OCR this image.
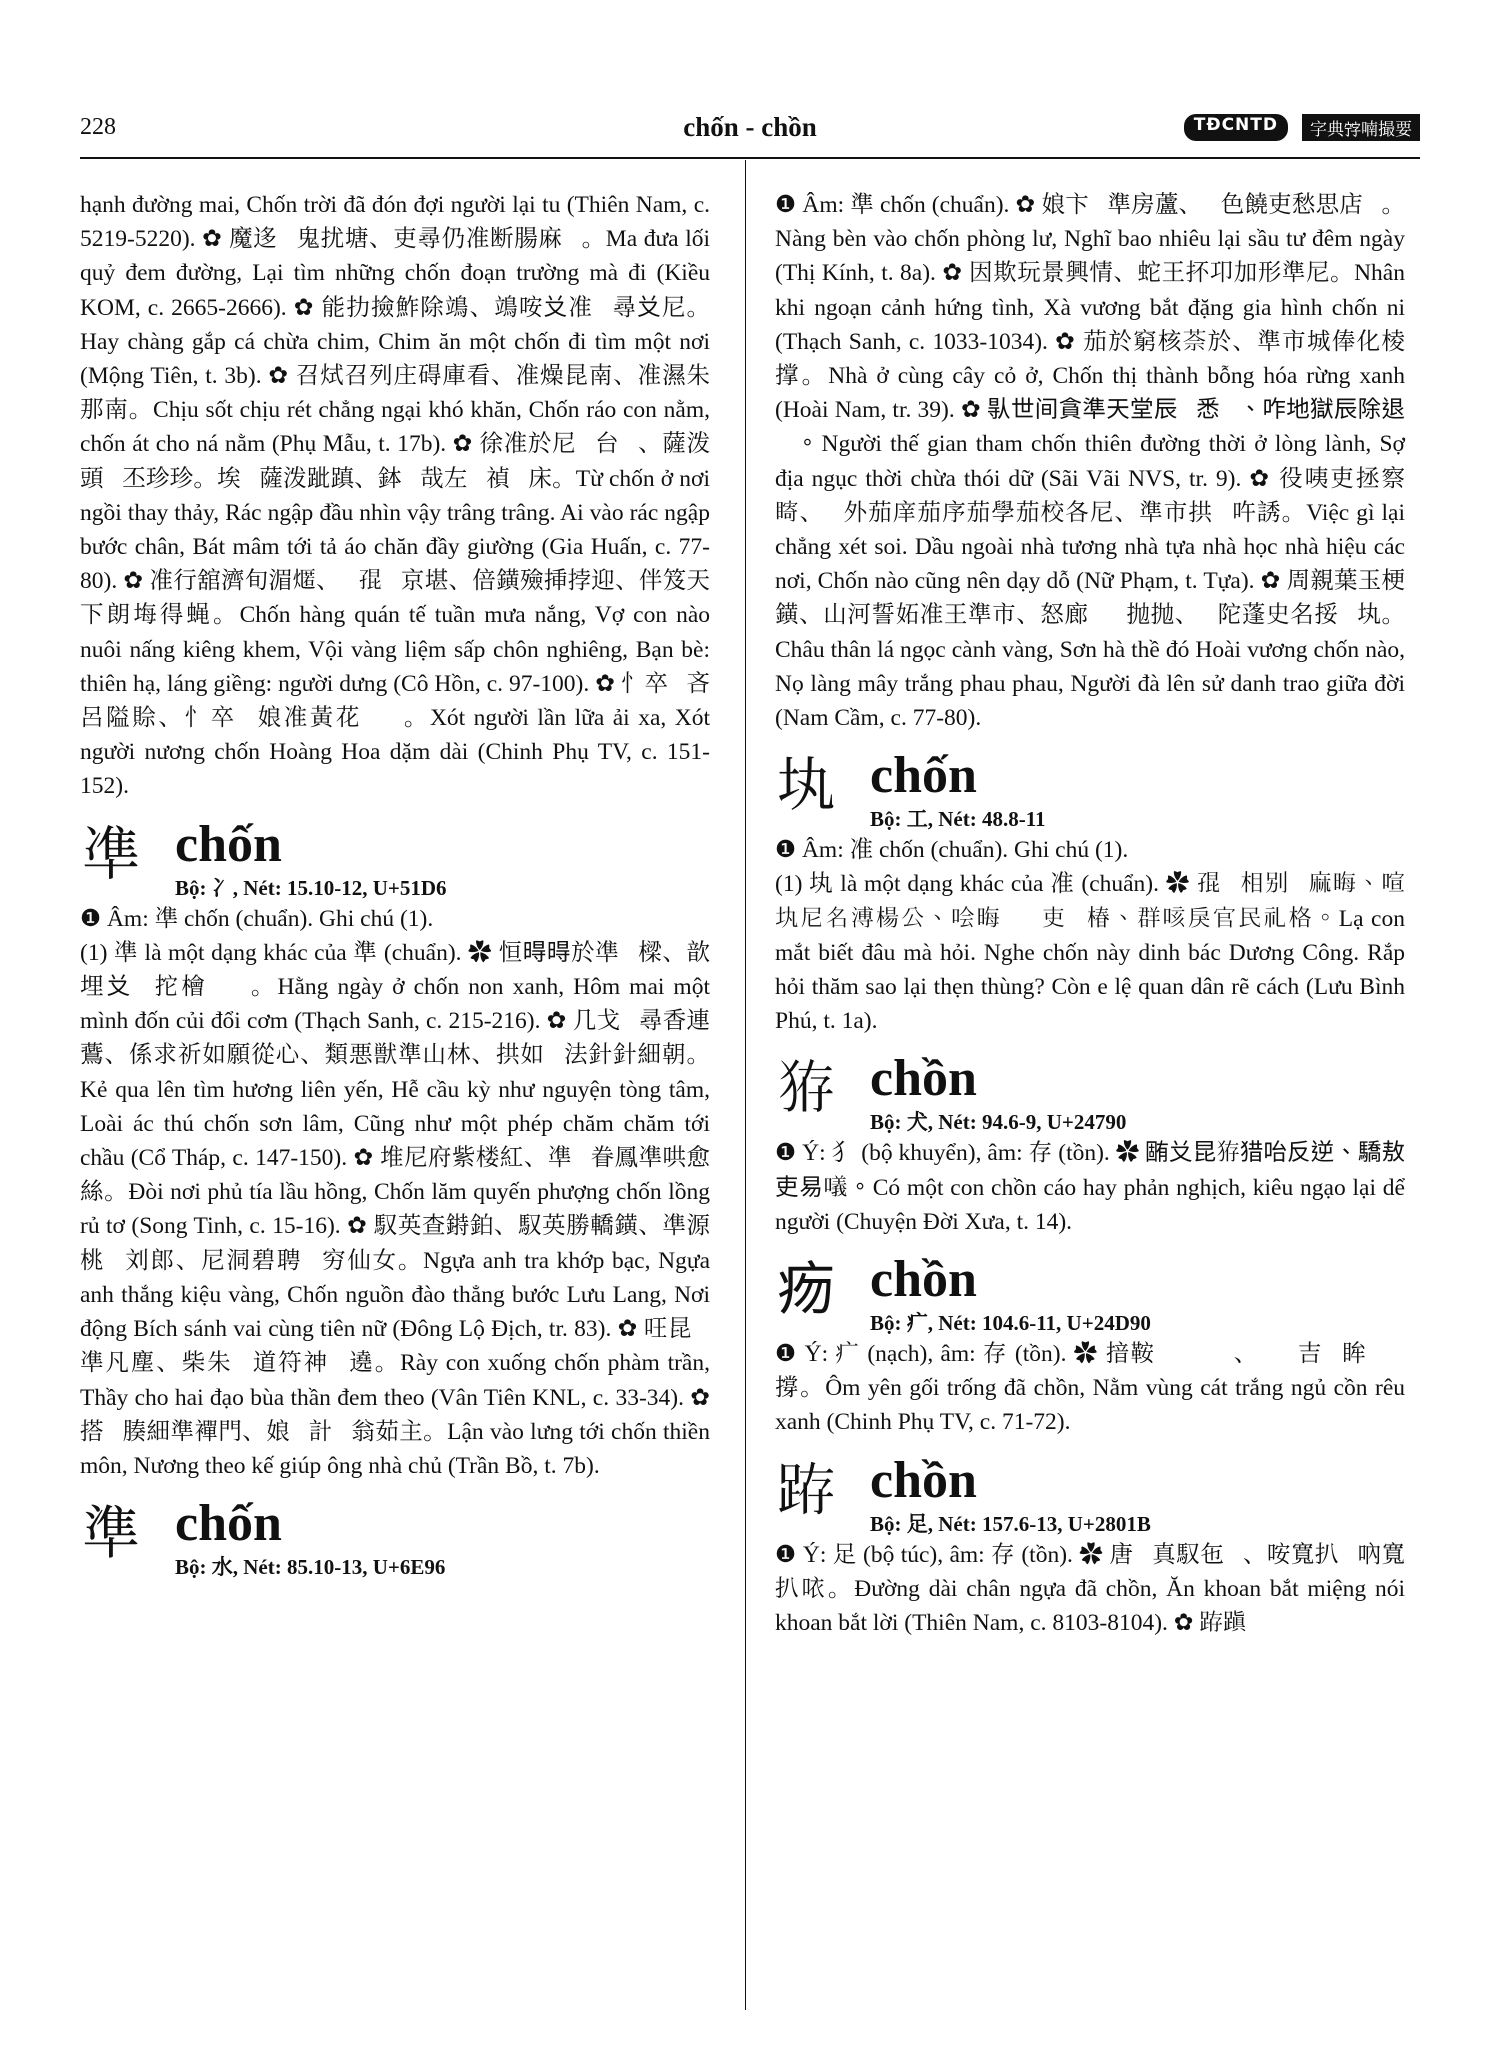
228	chốn - chồn	TĐCNTD	字典𡨸喃撮要

hạnh đường mai, Chốn trời đã đón đợi người lại tu (Thiên Nam, c. 5219-5220). ✿ 魔迻𡍢鬼扰塘、吏尋仍准断腸麻𡗶。Ma đưa lối quỷ đem đường, Lại tìm những chốn đoạn trường mà đi (Kiều KOM, c. 2665-2666). ✿ 能扐撿鮓除鴗、鴗咹𠬠准𡗶尋𠬠尼。Hay chàng gắp cá chừa chim, Chim ăn một chốn đi tìm một nơi (Mộng Tiên, t. 3b). ✿ 召烒召列庄碍庫看、准燥昆南、准濕朱那南。Chịu sốt chịu rét chẳng ngại khó khăn, Chốn ráo con nằm, chốn át cho ná nằm (Phụ Mẫu, t. 17b). ✿ 徐准於尼𪮏台𩛷、薩泼頭𥆾丕珍珍。埃𠓨薩泼跐蹎、鉢𩚵哉左𧜖禎𥯉床。Từ chốn ở nơi ngồi thay thảy, Rác ngập đầu nhìn vậy trâng trâng. Ai vào rác ngập bước chân, Bát mâm tới tả áo chăn đầy giường (Gia Huấn, c. 77-80). ✿ 准行舘濟旬湄𤎐、𡞕𡥵𦀊京堪、倍鐄殮挿挬迎、伴笈天下朗㙁得蝇。Chốn hàng quán tế tuần mưa nắng, Vợ con nào nuôi nấng kiêng khem, Vội vàng liệm sấp chôn nghiêng, Bạn bè: thiên hạ, láng giềng: người dưng (Cô Hồn, c. 97-100). ✿ 忄卒𡗶吝呂隘賒、忄卒𡗶娘准黃花𩛂𨱽。Xót người lần lữa ải xa, Xót người nương chốn Hoàng Hoa dặm dài (Chinh Phụ TV, c. 151-152).

凖 chốn
Bộ: 冫, Nét: 15.10-12, U+51D6

❶ Âm: 凖 chốn (chuẩn). Ghi chú (1).

(1) 凖 là một dạng khác của 準 (chuẩn). ✿ 恒𣈜𣈜於凖𡶀樑、歆埋𠬠𨉓拕檜𠶋𨢇。Hằng ngày ở chốn non xanh, Hôm mai một mình đốn củi đổi cơm (Thạch Sanh, c. 215-216). ✿ 几戈𡽫尋香連鷰、係求祈如願從心、類悪獣準山林、拱如𠅎法針針細朝。Kẻ qua lên tìm hương liên yến, Hễ cầu kỳ như nguyện tòng tâm, Loài ác thú chốn sơn lâm, Cũng như một phép chăm chăm tới chầu (Cổ Tháp, c. 147-150). ✿ 堆尼府紫楼紅、凖𣅶眷鳳凖哄愈絲。Đòi nơi phủ tía lầu hồng, Chốn lăm quyến phượng chốn lồng rủ tơ (Song Tinh, c. 15-16). ✿ 馭英查𨨲鉑、馭英勝轎鐄、凖源桃𨀈刘郎、尼洞碧聘𦠘穷仙女。Ngựa anh tra khớp bạc, Ngựa anh thắng kiệu vàng, Chốn nguồn đào thẳng bước Lưu Lang, Nơi động Bích sánh vai cùng tiên nữ (Đông Lộ Địch, tr. 83). ✿ 㕵昆𠖤凖凡塵、柴朱𠄩道符神𠅎遶。Rày con xuống chốn phàm trần, Thầy cho hai đạo bùa thần đem theo (Vân Tiên KNL, c. 33-34). ✿ 搭𠓨腠細準襌門、娘𨀈計𠻵翁茹主。Lận vào lưng tới chốn thiền môn, Nương theo kế giúp ông nhà chủ (Trần Bồ, t. 7b).

準 chốn
Bộ: 水, Nét: 85.10-13, U+6E96

❶ Âm: 準 chốn (chuẩn). ✿ 娘卞𠓨準房蘆、𢫝色饒吏愁思店𣈜。Nàng bèn vào chốn phòng lư, Nghĩ bao nhiêu lại sầu tư đêm ngày (Thị Kính, t. 8a). ✿ 因欺玩景興情、蛇王抔卭加形準尼。Nhân khi ngoạn cảnh hứng tình, Xà vương bắt đặng gia hình chốn ni (Thạch Sanh, c. 1033-1034). ✿ 茄於窮核𦯬於、準市城俸化棱撑。Nhà ở cùng cây cỏ ở, Chốn thị thành bỗng hóa rừng xanh (Hoài Nam, tr. 39). ✿ 𠊛世间貪準天堂辰𡓇悉𡗶、咋地獄辰除退𠅒。Người thế gian tham chốn thiên đường thời ở lòng lành, Sợ địa ngục thời chừa thói dữ (Sãi Vãi NVS, tr. 9). ✿ 役咦吏拯察𥊘、𠌨外茄庠茄序茄學茄校各尼、準市拱𦛌吘誘。Việc gì lại chẳng xét soi. Dầu ngoài nhà tương nhà tựa nhà học nhà hiệu các nơi, Chốn nào cũng nên dạy dỗ (Nữ Phạm, t. Tựa). ✿ 周親葉玉梗鐄、山河誓妬准王準市、怒廊𩄲𤽸抛抛、𡗶陀蓬史名挼𠃣𡉕。Châu thân lá ngọc cành vàng, Sơn hà thề đó Hoài vương chốn nào, Nọ làng mây trắng phau phau, Người đà lên sử danh trao giữa đời (Nam Cầm, c. 77-80).

𡉕 chốn
Bộ: 工, Nét: 48.8-11

❶ Âm: 准 chốn (chuẩn). Ghi chú (1).

(1) 𡉕 là một dạng khác của 准 (chuẩn). ✿ 𡥵𥉫相别𢧚麻晦、喧𡉕尼名溥楊公、哙晦𠻵𡘯吏𠫾椿、群咳戾官民礼格。Lạ con mắt biết đâu mà hỏi. Nghe chốn này dinh bác Dương Công. Rắp hỏi thăm sao lại thẹn thùng? Còn e lệ quan dân rẽ cách (Lưu Bình Phú, t. 1a).

𤞐 chồn
Bộ: 犬, Nét: 94.6-9, U+24790

❶ Ý: 犭 (bộ khuyển), âm: 存 (tồn). ✿ 𣎏𠬠昆𤞐猎咍反逆、驕敖吏易𠿿。Có một con chồn cáo hay phản nghịch, kiêu ngạo lại dể người (Chuyện Đời Xưa, t. 14).

𤵐 chồn
Bộ: 疒, Nét: 104.6-11, U+24D90

❶ Ý: 疒 (nạch), âm: 存 (tồn). ✿ 揞鞍𦁂𦼔𠀧𤵐、𦷾𨆢吉𣘈眸𡐙𦼔撐。Ôm yên gối trống đã chồn, Nằm vùng cát trắng ngủ cồn rêu xanh (Chinh Phụ TV, c. 71-72).

𨀛 chồn
Bộ: 足, Nét: 157.6-13, U+2801B

❶ Ý: 足 (bộ túc), âm: 存 (tồn). ✿ 唐𨱽真馭㐌𨀛、咹寬扒𠰘吶寬扒𠲖。Đường dài chân ngựa đã chồn, Ăn khoan bắt miệng nói khoan bắt lời (Thiên Nam, c. 8103-8104). ✿ 𨀛蹎
